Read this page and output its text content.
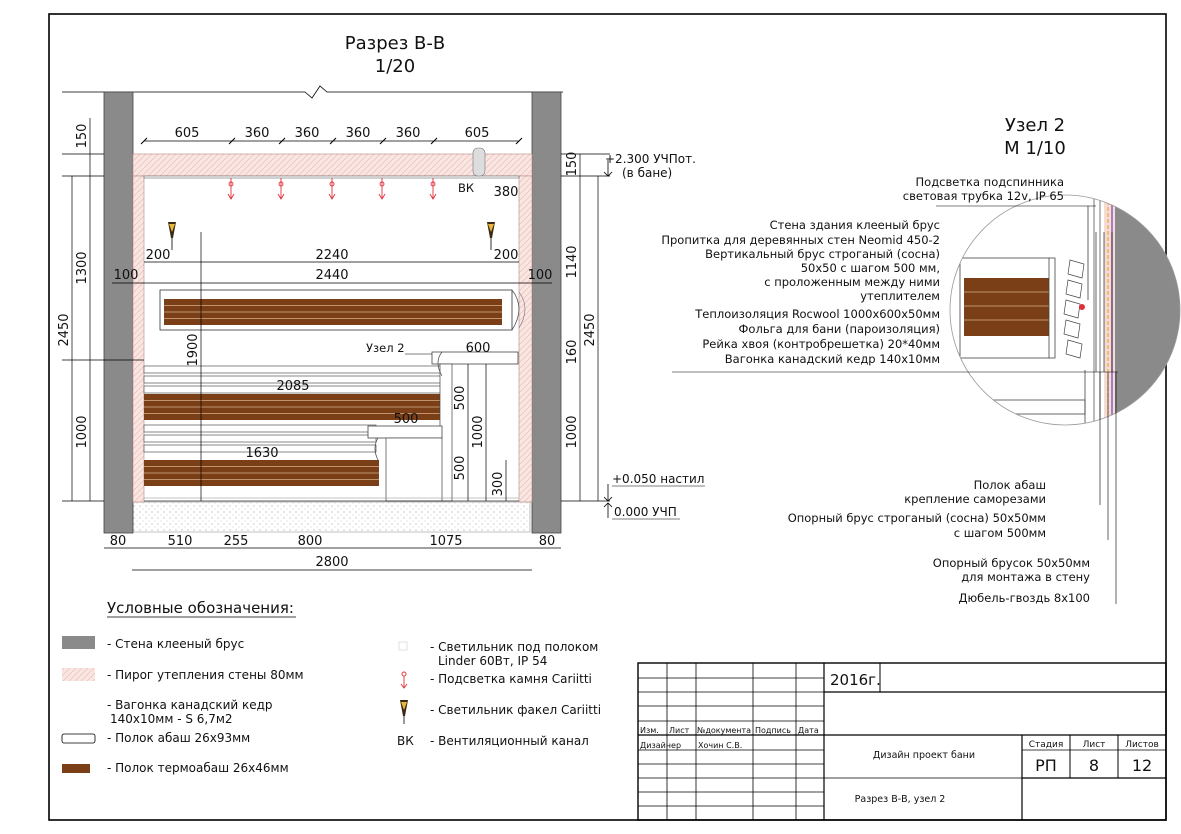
Разрез В-В
1/20
Узел 2
М 1/10
ВК
605	360 360 360 360	605
200	2240	200
100	2440	100
380
600
2085
500
1630
510 255	800	1075
80	80
2800
150
1300
2450
1000
1900
500
1000
500
300
150
1140
2450
160
1000
Узел 2
+2.300 УЧПот.
(в бане)
+0.050 настил
0.000 УЧП
Подсветка подспинника
световая трубка 12v, IP 65
Стена здания клееный брус
Пропитка для деревянных стен Neomid 450-2
Вертикальный брус строганый (сосна)
50х50 с шагом 500 мм,
с проложенным между ними
утеплителем
Теплоизоляция Rocwool 1000х600х50мм
Фольга для бани (пароизоляция)
Рейка хвоя (контробрешетка) 20*40мм
Вагонка канадский кедр 140х10мм
Полок абаш
крепление саморезами
Опорный брус строганый (сосна) 50х50мм
с шагом 500мм
Опорный брусок 50х50мм
для монтажа в стену
Дюбель-гвоздь 8х100
Условные обозначения:
- Стена клееный брус
- Пирог утепления стены 80мм
- Вагонка канадский кедр
140х10мм - S 6,7м2
- Полок абаш 26х93мм
- Полок термоабаш 26х46мм
- Светильник под полоком
Linder 60Вт, IP 54
- Подсветка камня Cariitti
- Светильник факел Cariitti
ВК - Вентиляционный канал
2016г.
Изм. Лист №документа Подпись Дата
Дизайнер Хочин С.В.
Дизайн проект бани
Разрез В-В, узел 2
Стадия Лист Листов
РП 8 12
